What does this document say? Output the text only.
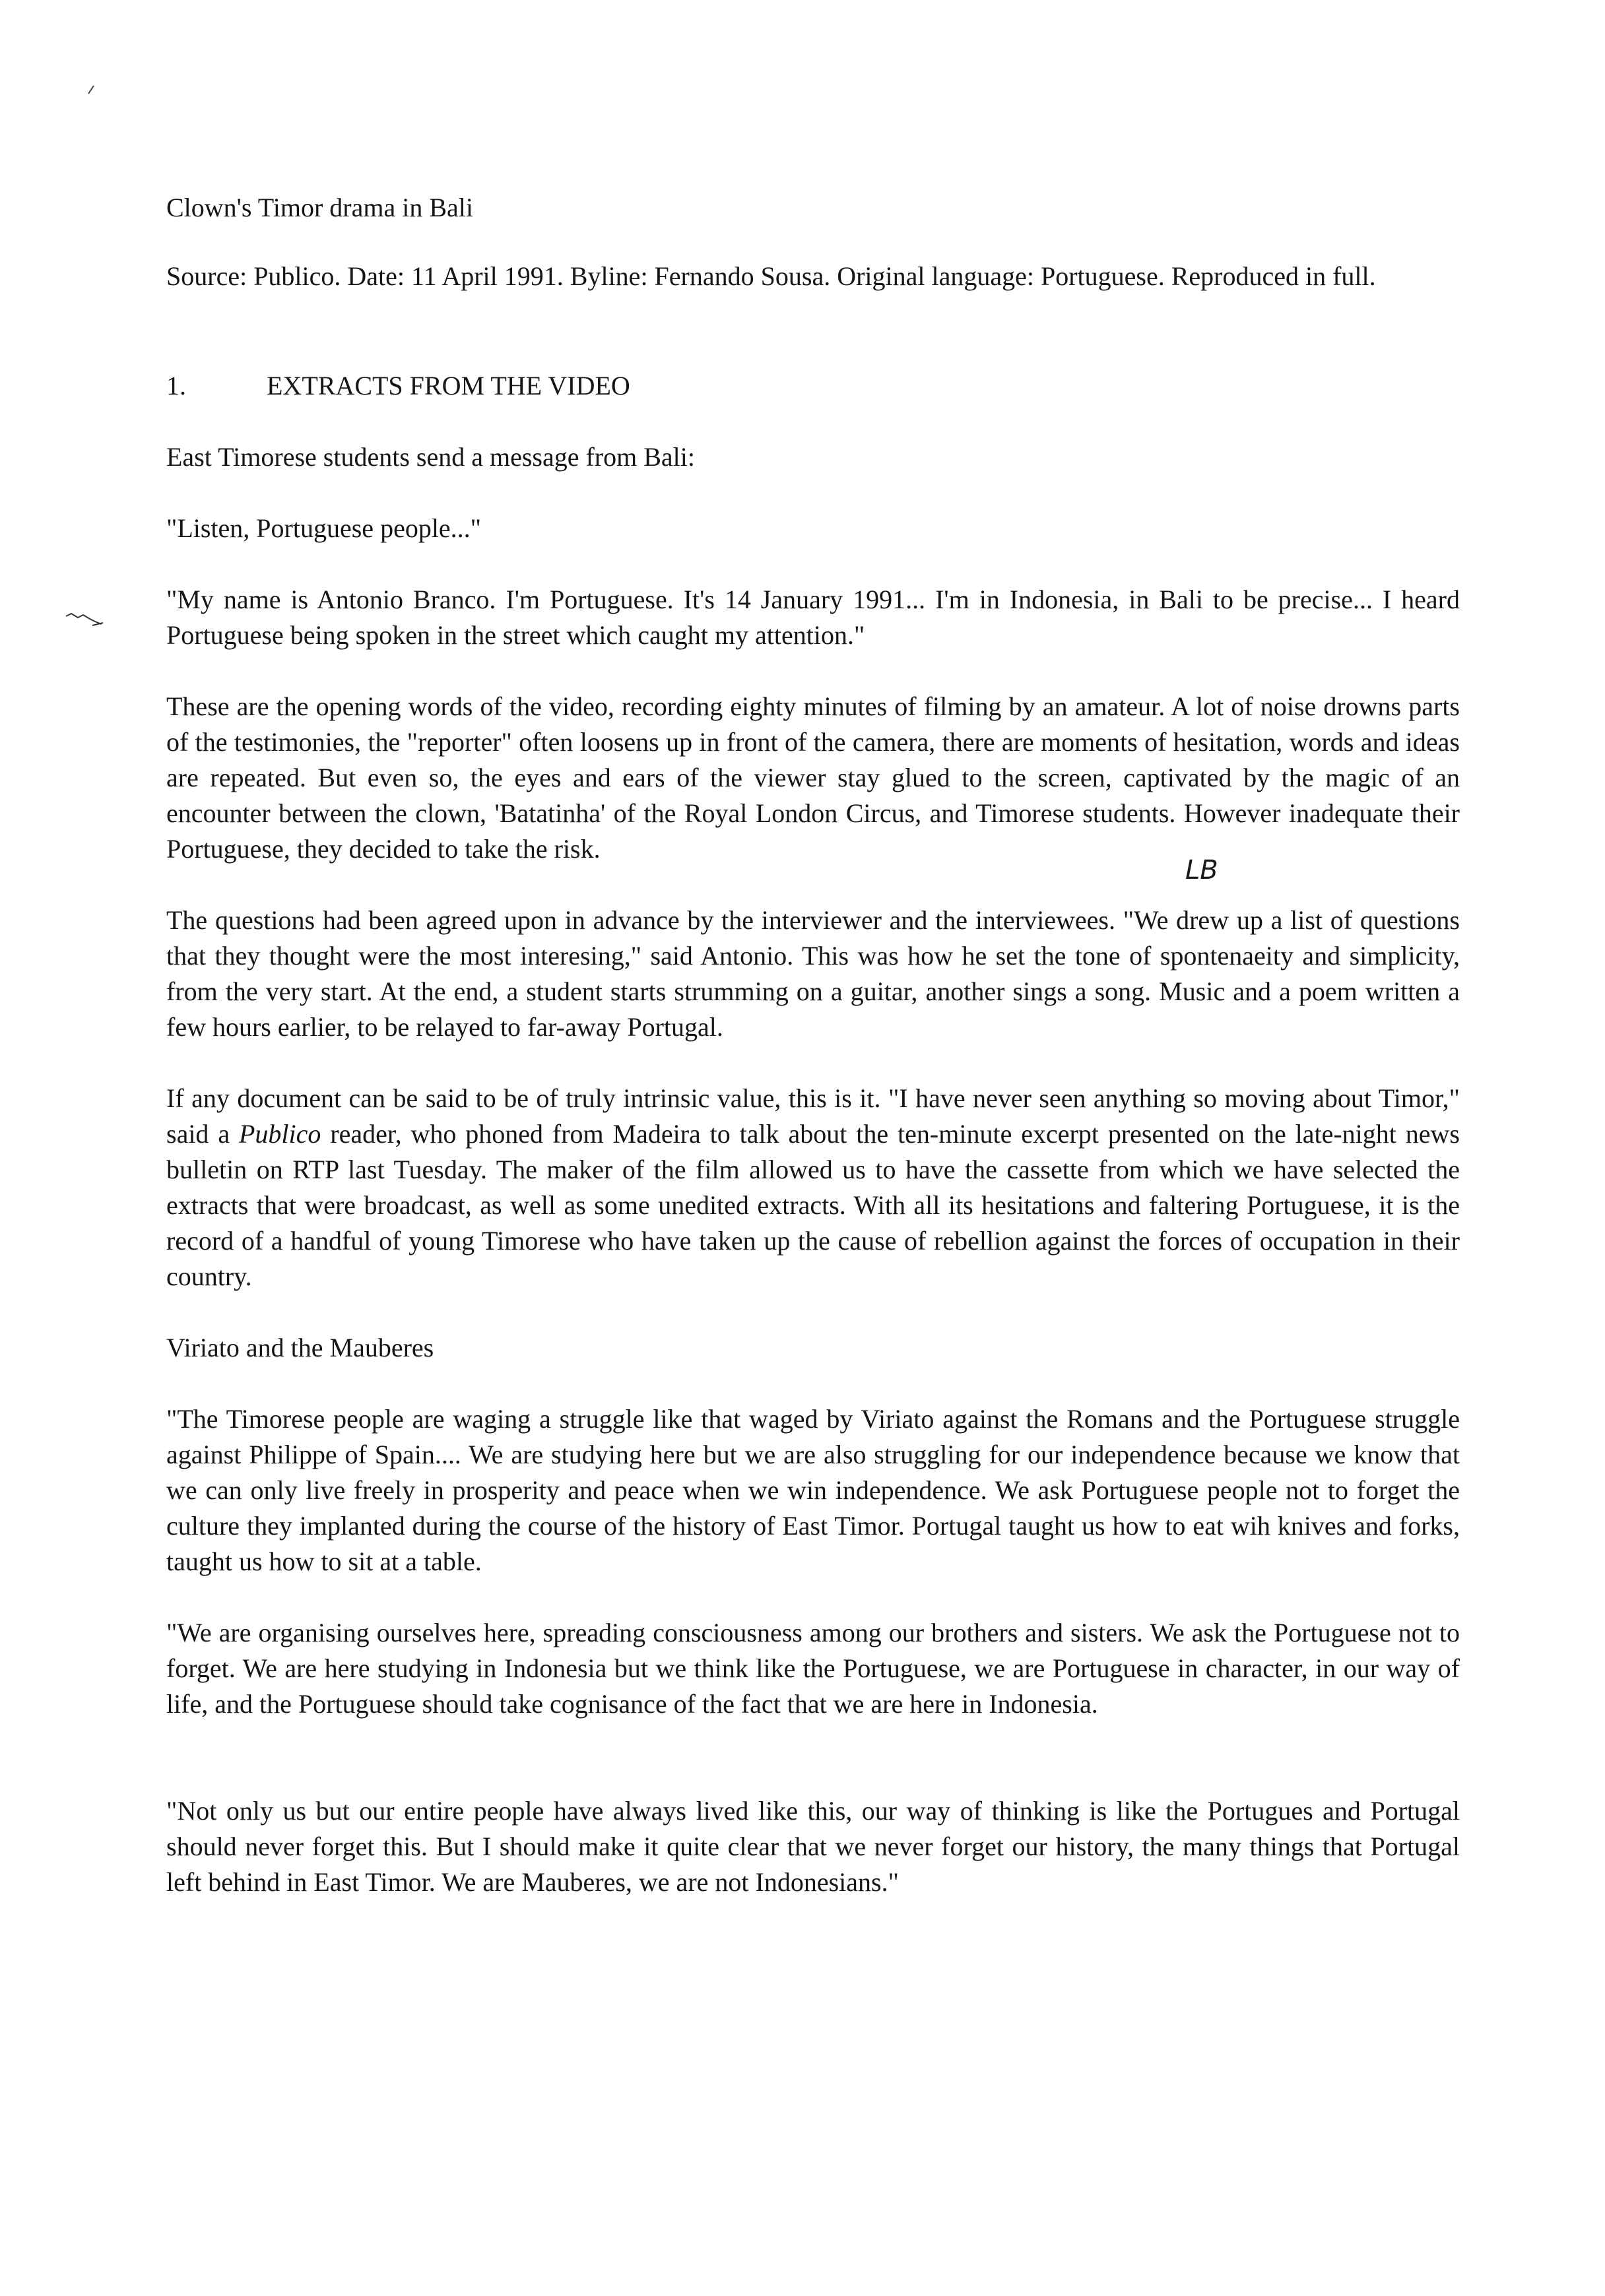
Clown's Timor drama in Bali

Source: Publico. Date: 11 April 1991. Byline: Fernando Sousa. Original language: Portuguese. Reproduced in full.

1.	EXTRACTS FROM THE VIDEO
East Timorese students send a message from Bali:
"Listen, Portuguese people..."

"My name is Antonio Branco. I'm Portuguese. It's 14 January 1991... I'm in Indonesia, in Bali to be precise... I heard Portuguese being spoken in the street which caught my attention."

These are the opening words of the video, recording eighty minutes of filming by an amateur. A lot of noise drowns parts of the testimonies, the "reporter" often loosens up in front of the camera, there are moments of hesitation, words and ideas are repeated. But even so, the eyes and ears of the viewer stay glued to the screen, captivated by the magic of an encounter between the clown, 'Batatinha' of the Royal London Circus, and Timorese students. However inadequate their Portuguese, they decided to take the risk.

LB

The questions had been agreed upon in advance by the interviewer and the interviewees. "We drew up a list of questions that they thought were the most interesing," said Antonio. This was how he set the tone of spontenaeity and simplicity, from the very start. At the end, a student starts strumming on a guitar, another sings a song. Music and a poem written a few hours earlier, to be relayed to far-away Portugal.

If any document can be said to be of truly intrinsic value, this is it. "I have never seen anything so moving about Timor," said a Publico reader, who phoned from Madeira to talk about the ten-minute excerpt presented on the late-night news bulletin on RTP last Tuesday. The maker of the film allowed us to have the cassette from which we have selected the extracts that were broadcast, as well as some unedited extracts. With all its hesitations and faltering Portuguese, it is the record of a handful of young Timorese who have taken up the cause of rebellion against the forces of occupation in their country.

Viriato and the Mauberes

"The Timorese people are waging a struggle like that waged by Viriato against the Romans and the Portuguese struggle against Philippe of Spain.... We are studying here but we are also struggling for our independence because we know that we can only live freely in prosperity and peace when we win independence. We ask Portuguese people not to forget the culture they implanted during the course of the history of East Timor. Portugal taught us how to eat wih knives and forks, taught us how to sit at a table.

"We are organising ourselves here, spreading consciousness among our brothers and sisters. We ask the Portuguese not to forget. We are here studying in Indonesia but we think like the Portuguese, we are Portuguese in character, in our way of life, and the Portuguese should take cognisance of the fact that we are here in Indonesia.

"Not only us but our entire people have always lived like this, our way of thinking is like the Portugues and Portugal should never forget this. But I should make it quite clear that we never forget our history, the many things that Portugal left behind in East Timor. We are Mauberes, we are not Indonesians."
